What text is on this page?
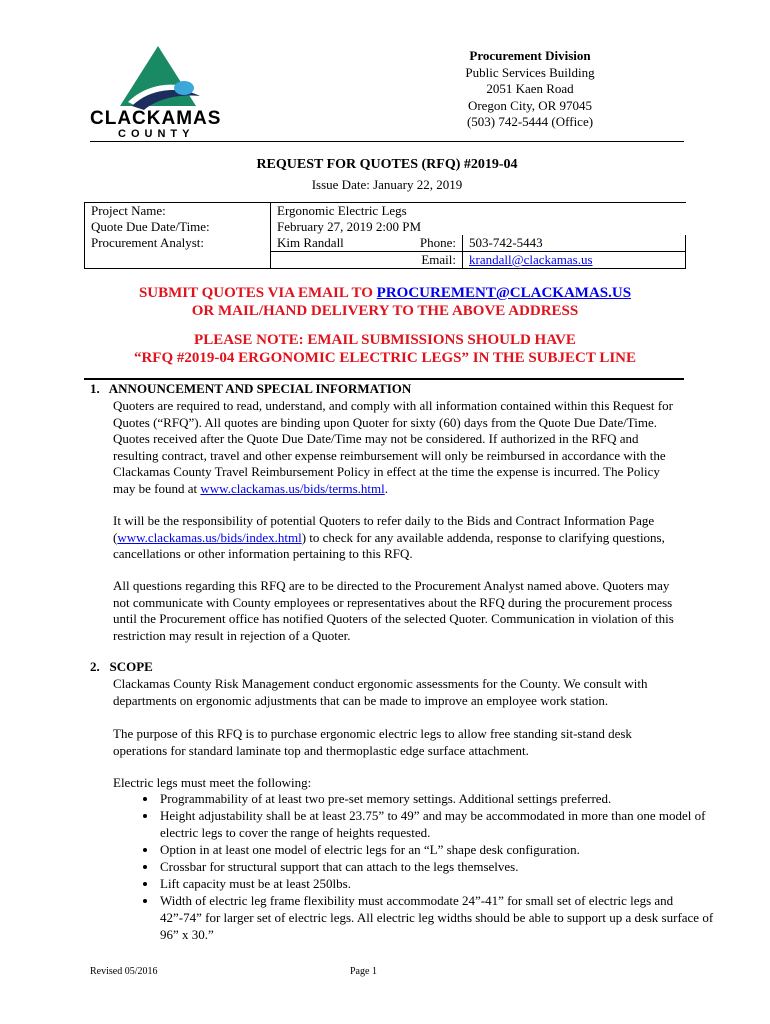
CLACKAMAS
COUNTY
Procurement Division
Public Services Building
2051 Kaen Road
Oregon City, OR 97045
(503) 742-5444 (Office)
REQUEST FOR QUOTES (RFQ) #2019-04
Issue Date: January 22, 2019
Project Name:	Ergonomic Electric Legs		
Quote Due Date/Time:	February 27, 2019 2:00 PM		
Procurement Analyst:	Kim Randall	Phone:	503-742-5443
		Email:	krandall@clackamas.us
SUBMIT QUOTES VIA EMAIL TO PROCUREMENT@CLACKAMAS.US
OR MAIL/HAND DELIVERY TO THE ABOVE ADDRESS
PLEASE NOTE: EMAIL SUBMISSIONS SHOULD HAVE
“RFQ #2019-04 ERGONOMIC ELECTRIC LEGS” IN THE SUBJECT LINE
1.   ANNOUNCEMENT AND SPECIAL INFORMATION
Quoters are required to read, understand, and comply with all information contained within this Request for Quotes (“RFQ”). All quotes are binding upon Quoter for sixty (60) days from the Quote Due Date/Time. Quotes received after the Quote Due Date/Time may not be considered. If authorized in the RFQ and resulting contract, travel and other expense reimbursement will only be reimbursed in accordance with the Clackamas County Travel Reimbursement Policy in effect at the time the expense is incurred. The Policy may be found at www.clackamas.us/bids/terms.html.
It will be the responsibility of potential Quoters to refer daily to the Bids and Contract Information Page (www.clackamas.us/bids/index.html) to check for any available addenda, response to clarifying questions, cancellations or other information pertaining to this RFQ.
All questions regarding this RFQ are to be directed to the Procurement Analyst named above. Quoters may not communicate with County employees or representatives about the RFQ during the procurement process until the Procurement office has notified Quoters of the selected Quoter. Communication in violation of this restriction may result in rejection of a Quoter.
2.   SCOPE
Clackamas County Risk Management conduct ergonomic assessments for the County. We consult with departments on ergonomic adjustments that can be made to improve an employee work station.
The purpose of this RFQ is to purchase ergonomic electric legs to allow free standing sit-stand desk operations for standard laminate top and thermoplastic edge surface attachment.
Electric legs must meet the following:
• Programmability of at least two pre-set memory settings. Additional settings preferred.
• Height adjustability shall be at least 23.75” to 49” and may be accommodated in more than one model of electric legs to cover the range of heights requested.
• Option in at least one model of electric legs for an “L” shape desk configuration.
• Crossbar for structural support that can attach to the legs themselves.
• Lift capacity must be at least 250lbs.
• Width of electric leg frame flexibility must accommodate 24”-41” for small set of electric legs and 42”-74” for larger set of electric legs. All electric leg widths should be able to support up a desk surface of 96” x 30.”
Revised 05/2016	Page 1
